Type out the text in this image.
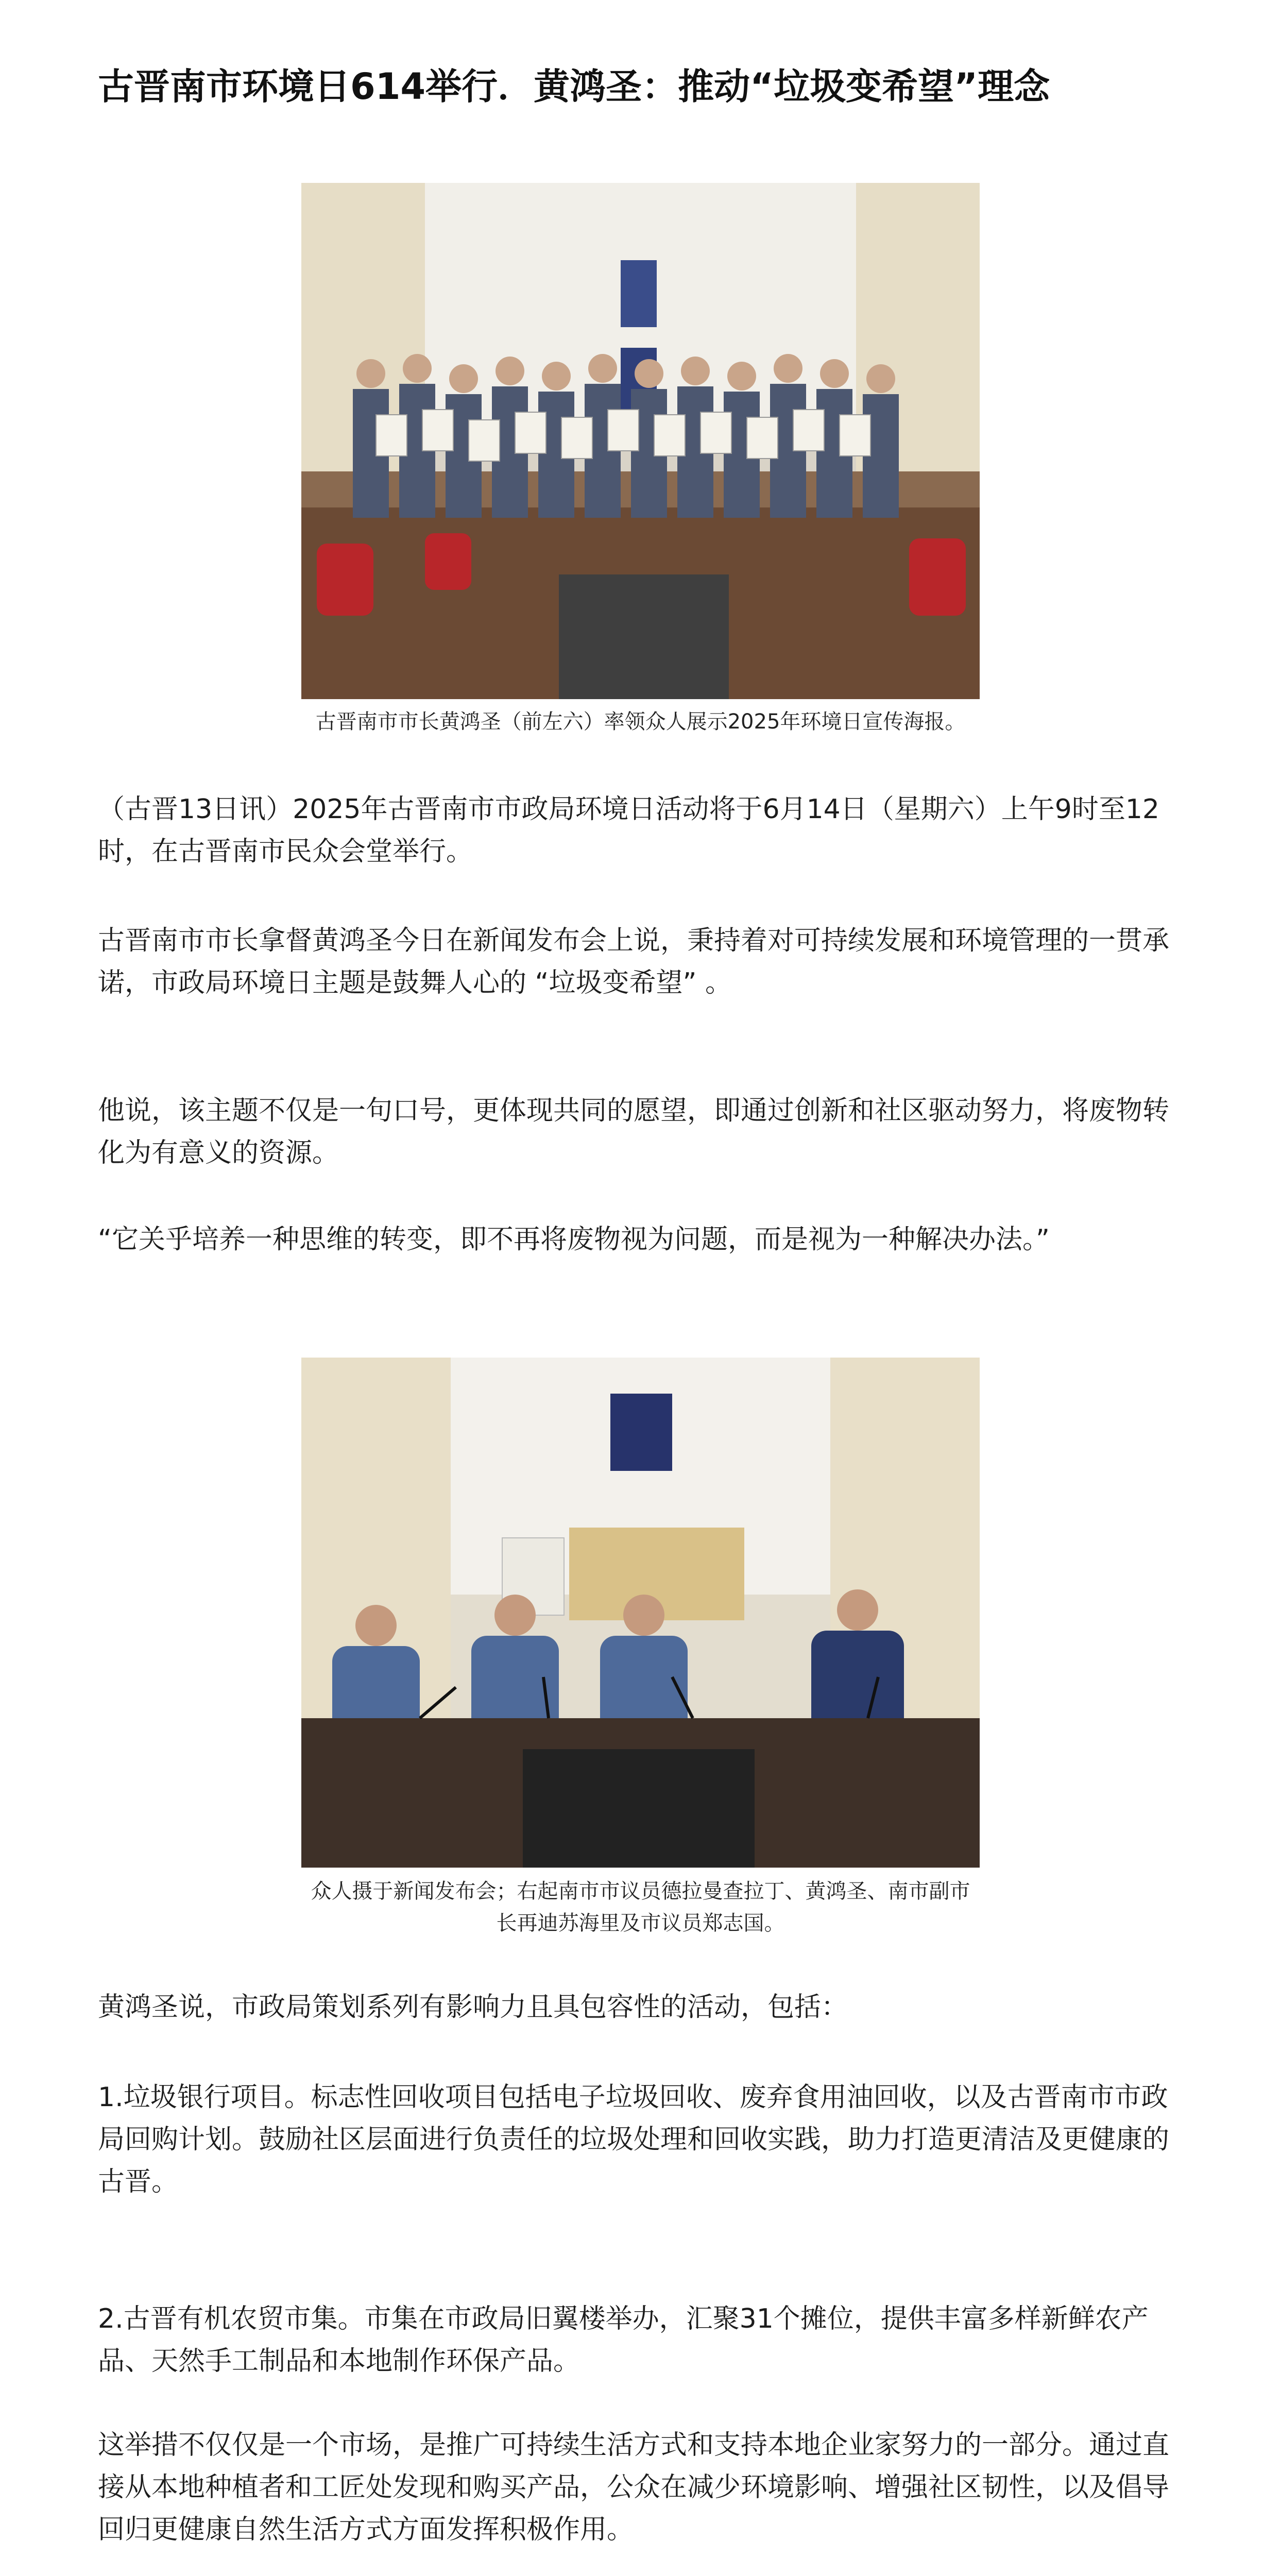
古晋南市环境日614举行．黄鸿圣：推动“垃圾变希望”理念
古晋南市市长黄鸿圣（前左六）率领众人展示2025年环境日宣传海报。

（古晋13日讯）2025年古晋南市市政局环境日活动将于6月14日（星期六）上午9时至12时，在古晋南市民众会堂举行。

古晋南市市长拿督黄鸿圣今日在新闻发布会上说，秉持着对可持续发展和环境管理的一贯承诺，市政局环境日主题是鼓舞人心的 “垃圾变希望” 。

他说，该主题不仅是一句口号，更体现共同的愿望，即通过创新和社区驱动努力，将废物转化为有意义的资源。

“它关乎培养一种思维的转变，即不再将废物视为问题，而是视为一种解决办法。”

众人摄于新闻发布会；右起南市市议员德拉曼查拉丁、黄鸿圣、南市副市长再迪苏海里及市议员郑志国。

黄鸿圣说，市政局策划系列有影响力且具包容性的活动，包括：

1.垃圾银行项目。标志性回收项目包括电子垃圾回收、废弃食用油回收，以及古晋南市市政局回购计划。鼓励社区层面进行负责任的垃圾处理和回收实践，助力打造更清洁及更健康的古晋。

2.古晋有机农贸市集。市集在市政局旧翼楼举办，汇聚31个摊位，提供丰富多样新鲜农产品、天然手工制品和本地制作环保产品。

这举措不仅仅是一个市场，是推广可持续生活方式和支持本地企业家努力的一部分。通过直接从本地种植者和工匠处发现和购买产品，公众在减少环境影响、增强社区韧性，以及倡导回归更健康自然生活方式方面发挥积极作用。
